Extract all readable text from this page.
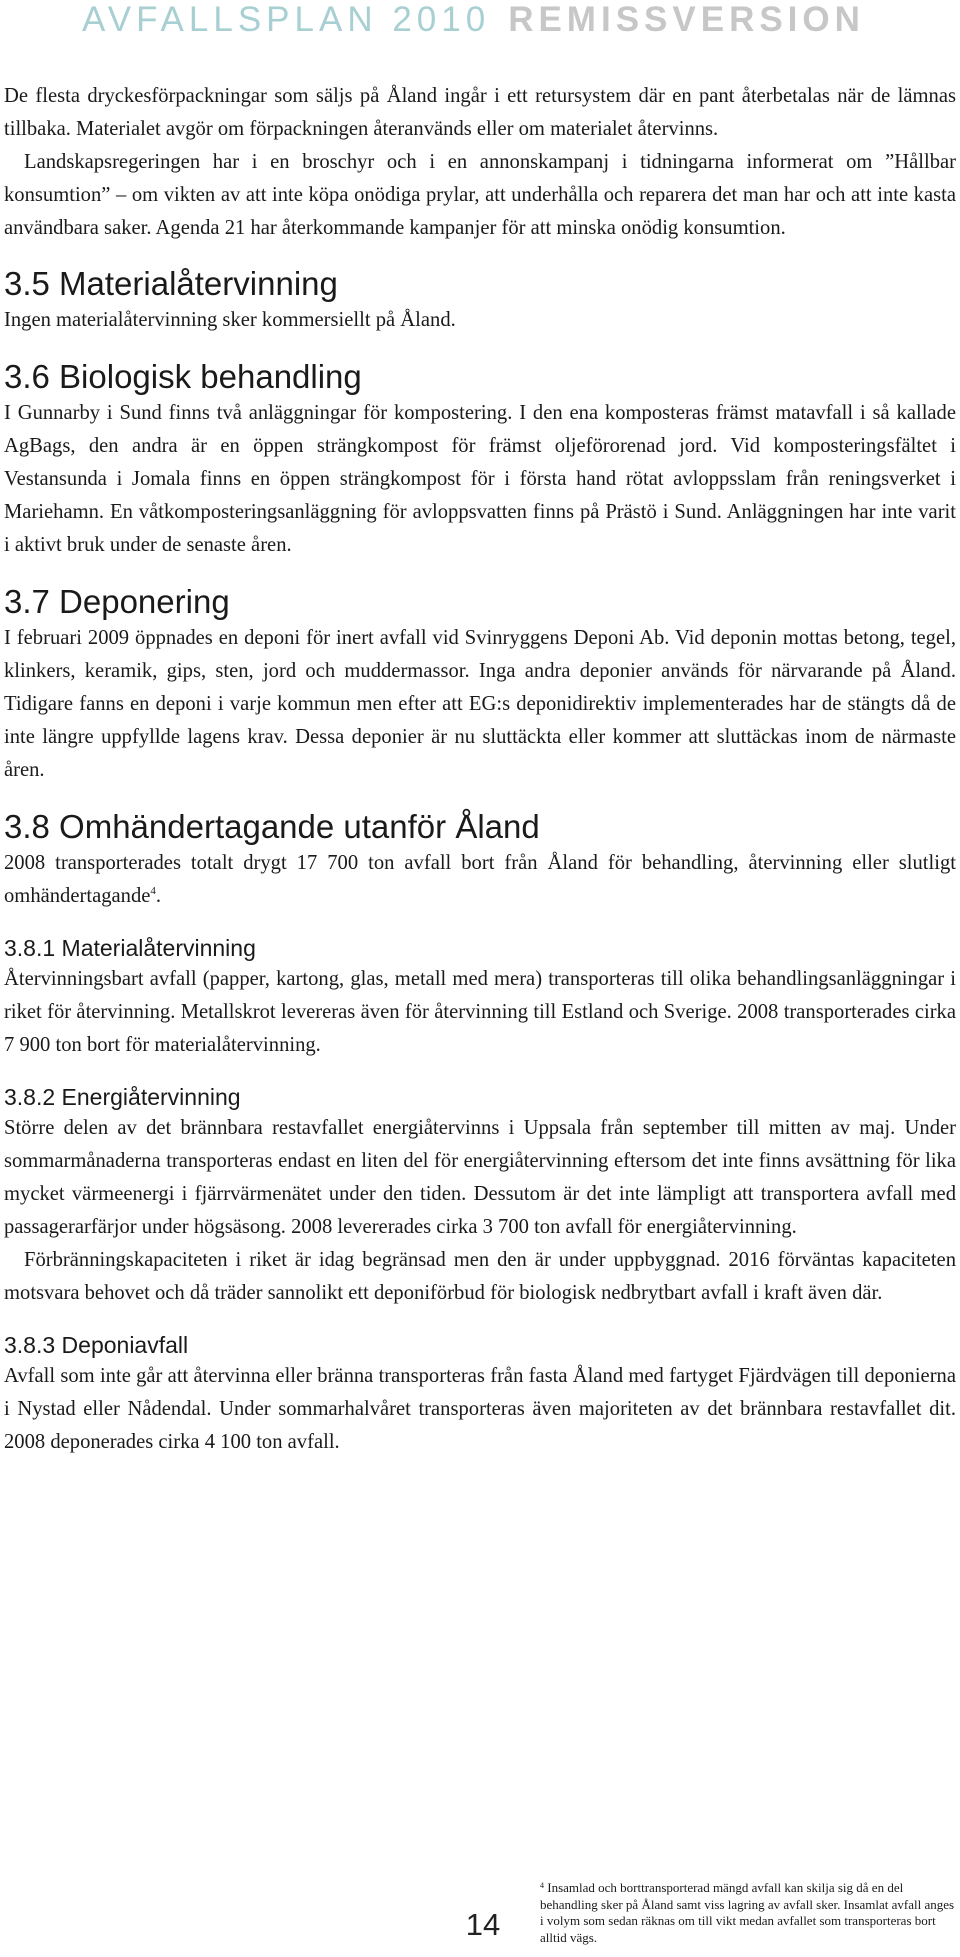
AVFALLSPLAN 2010 REMISSVERSION

De flesta dryckesförpackningar som säljs på Åland ingår i ett retursystem där en pant återbetalas när de lämnas tillbaka. Materialet avgör om förpackningen återanvänds eller om materialet återvinns.

Landskapsregeringen har i en broschyr och i en annonskampanj i tidningarna informerat om ”Hållbar konsumtion” – om vikten av att inte köpa onödiga prylar, att underhålla och reparera det man har och att inte kasta användbara saker. Agenda 21 har återkommande kampanjer för att minska onödig konsumtion.

3.5 Materialåtervinning

Ingen materialåtervinning sker kommersiellt på Åland.

3.6 Biologisk behandling

I Gunnarby i Sund finns två anläggningar för kompostering. I den ena komposteras främst matavfall i så kallade AgBags, den andra är en öppen strängkompost för främst oljeförorenad jord. Vid komposteringsfältet i Vestansunda i Jomala finns en öppen strängkompost för i första hand rötat avloppsslam från reningsverket i Mariehamn. En våtkomposteringsanläggning för avloppsvatten finns på Prästö i Sund. Anläggningen har inte varit i aktivt bruk under de senaste åren.

3.7 Deponering

I februari 2009 öppnades en deponi för inert avfall vid Svinryggens Deponi Ab. Vid deponin mottas betong, tegel, klinkers, keramik, gips, sten, jord och muddermassor. Inga andra deponier används för närvarande på Åland. Tidigare fanns en deponi i varje kommun men efter att EG:s deponidirektiv implementerades har de stängts då de inte längre uppfyllde lagens krav. Dessa deponier är nu sluttäckta eller kommer att sluttäckas inom de närmaste åren.

3.8 Omhändertagande utanför Åland

2008 transporterades totalt drygt 17 700 ton avfall bort från Åland för behandling, återvinning eller slutligt omhändertagande$^4$.

3.8.1 Materialåtervinning

Återvinningsbart avfall (papper, kartong, glas, metall med mera) transporteras till olika behandlingsanläggningar i riket för återvinning. Metallskrot levereras även för återvinning till Estland och Sverige. 2008 transporterades cirka 7 900 ton bort för materialåtervinning.

3.8.2 Energiåtervinning

Större delen av det brännbara restavfallet energiåtervinns i Uppsala från september till mitten av maj. Under sommarmånaderna transporteras endast en liten del för energiåtervinning eftersom det inte finns avsättning för lika mycket värmeenergi i fjärrvärmenätet under den tiden. Dessutom är det inte lämpligt att transportera avfall med passagerarfärjor under högsäsong. 2008 levererades cirka 3 700 ton avfall för energiåtervinning.

Förbränningskapaciteten i riket är idag begränsad men den är under uppbyggnad. 2016 förväntas kapaciteten motsvara behovet och då träder sannolikt ett deponiförbud för biologisk nedbrytbart avfall i kraft även där.

3.8.3 Deponiavfall

Avfall som inte går att återvinna eller bränna transporteras från fasta Åland med fartyget Fjärdvägen till deponierna i Nystad eller Nådendal. Under sommarhalvåret transporteras även majoriteten av det brännbara restavfallet dit. 2008 deponerades cirka 4 100 ton avfall.

14
$^4$ Insamlad och borttransporterad mängd avfall kan skilja sig då en del behandling sker på Åland samt viss lagring av avfall sker. Insamlat avfall anges i volym som sedan räknas om till vikt medan avfallet som transporteras bort alltid vägs.
